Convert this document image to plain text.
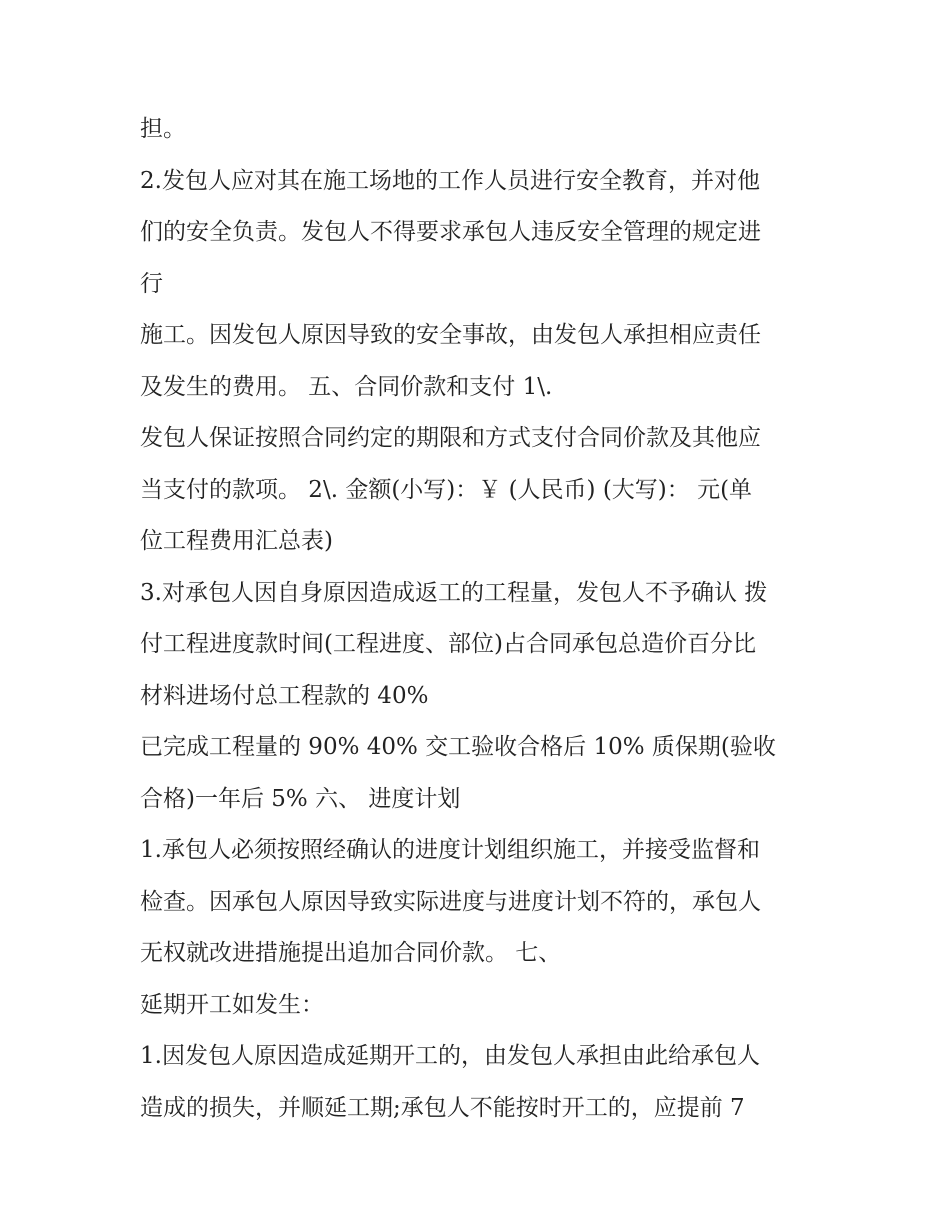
担。
2.发包人应对其在施工场地的工作人员进行安全教育，并对他
们的安全负责。发包人不得要求承包人违反安全管理的规定进
行
施工。因发包人原因导致的安全事故，由发包人承担相应责任
及发生的费用。 五、合同价款和支付 1\.
发包人保证按照合同约定的期限和方式支付合同价款及其他应
当支付的款项。 2\. 金额(小写)：￥ (人民币) (大写)： 元(单
位工程费用汇总表)
3.对承包人因自身原因造成返工的工程量，发包人不予确认 拨
付工程进度款时间(工程进度、部位)占合同承包总造价百分比
材料进场付总工程款的 40%
已完成工程量的 90% 40% 交工验收合格后 10% 质保期(验收
合格)一年后 5% 六、 进度计划
1.承包人必须按照经确认的进度计划组织施工，并接受监督和
检查。因承包人原因导致实际进度与进度计划不符的，承包人
无权就改进措施提出追加合同价款。 七、
延期开工如发生：
1.因发包人原因造成延期开工的，由发包人承担由此给承包人
造成的损失，并顺延工期;承包人不能按时开工的，应提前 7
